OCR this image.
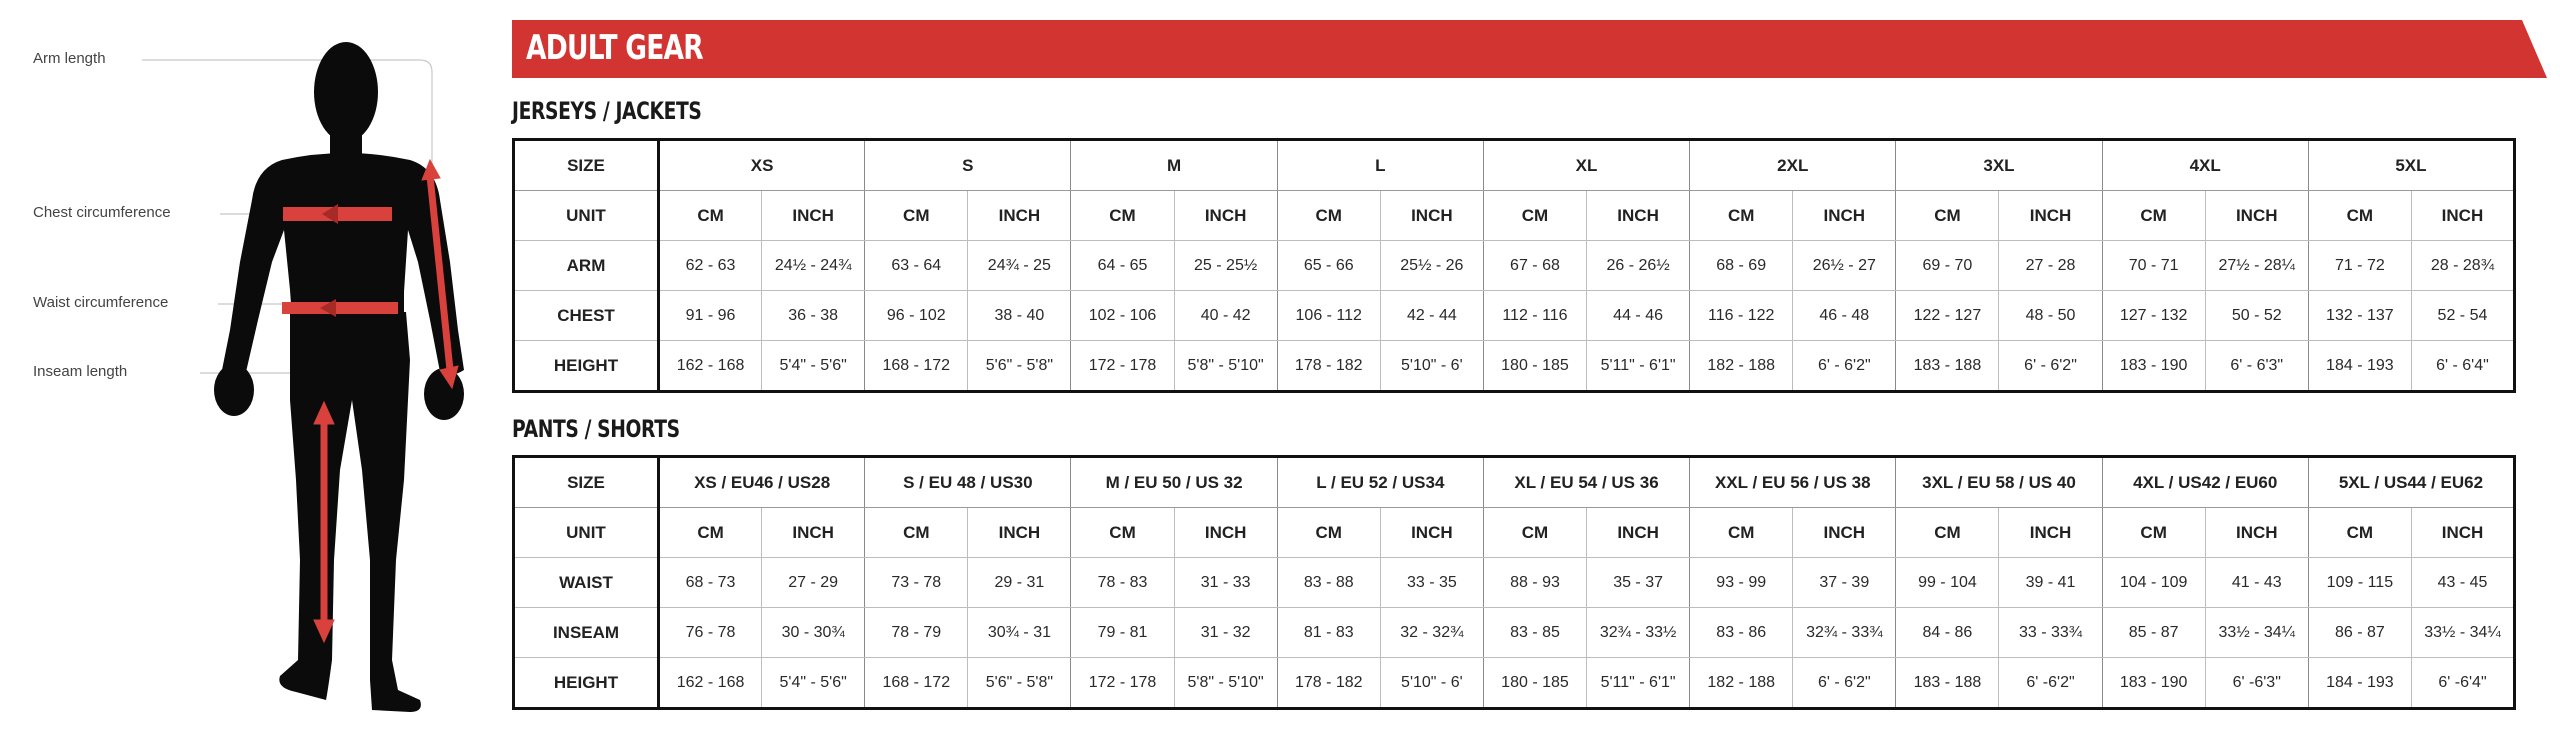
Arm length
Chest circumference
Waist circumference
Inseam length
ADULT GEAR
JERSEYS / JACKETS
SIZE	XS		S		M		L		XL		2XL		3XL		4XL		5XL	
UNIT	CM	INCH	CM	INCH	CM	INCH	CM	INCH	CM	INCH	CM	INCH	CM	INCH	CM	INCH	CM	INCH
ARM	62 - 63	24½ - 24¾	63 - 64	24¾ - 25	64 - 65	25 - 25½	65 - 66	25½ - 26	67 - 68	26 - 26½	68 - 69	26½ - 27	69 - 70	27 - 28	70 - 71	27½ - 28¼	71 - 72	28 - 28¾
CHEST	91 - 96	36 - 38	96 - 102	38 - 40	102 - 106	40 - 42	106 - 112	42 - 44	112 - 116	44 - 46	116 - 122	46 - 48	122 - 127	48 - 50	127 - 132	50 - 52	132 - 137	52 - 54
HEIGHT	162 - 168	5'4" - 5'6"	168 - 172	5'6" - 5'8"	172 - 178	5'8" - 5'10"	178 - 182	5'10" - 6'	180 - 185	5'11" - 6'1"	182 - 188	6' - 6'2"	183 - 188	6' - 6'2"	183 - 190	6' - 6'3"	184 - 193	6' - 6'4"
PANTS / SHORTS
SIZE	XS / EU46 / US28		S / EU 48 / US30		M / EU 50 / US 32		L / EU 52 / US34		XL / EU 54 / US 36		XXL / EU 56 / US 38		3XL / EU 58 / US 40		4XL / US42 / EU60		5XL / US44 / EU62	
UNIT	CM	INCH	CM	INCH	CM	INCH	CM	INCH	CM	INCH	CM	INCH	CM	INCH	CM	INCH	CM	INCH
WAIST	68 - 73	27 - 29	73 - 78	29 - 31	78 - 83	31 - 33	83 - 88	33 - 35	88 - 93	35 - 37	93 - 99	37 - 39	99 - 104	39 - 41	104 - 109	41 - 43	109 - 115	43 - 45
INSEAM	76 - 78	30 - 30¾	78 - 79	30¾ - 31	79 - 81	31 - 32	81 - 83	32 - 32¾	83 - 85	32¾ - 33½	83 - 86	32¾ - 33¾	84 - 86	33 - 33¾	85 - 87	33½ - 34¼	86 - 87	33½ - 34¼
HEIGHT	162 - 168	5'4" - 5'6"	168 - 172	5'6" - 5'8"	172 - 178	5'8" - 5'10"	178 - 182	5'10" - 6'	180 - 185	5'11" - 6'1"	182 - 188	6' - 6'2"	183 - 188	6' -6'2"	183 - 190	6' -6'3"	184 - 193	6' -6'4"
